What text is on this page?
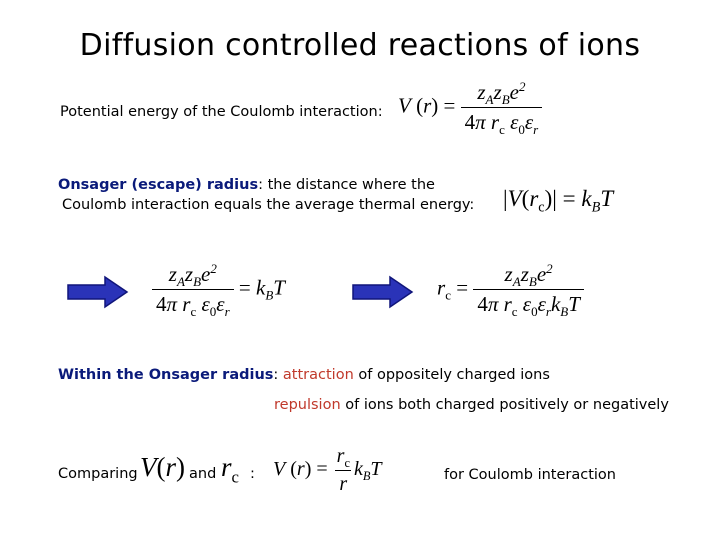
Diffusion controlled reactions of ions
Potential energy of the Coulomb interaction: V $(r) = \frac{z_Az_Be^2}{4\pi r_c \varepsilon_0\varepsilon_r}$
Onsager (escape) radius: the distance where the
Coulomb interaction equals the average thermal energy: $|V(r_c)| = k_BT$
$\frac{z_Az_Be^2}{4\pi r_c \varepsilon_0\varepsilon_r} = k_BT$	$r_c = \frac{z_Az_Be^2}{4\pi r_c \varepsilon_0\varepsilon_rk_BT}$
Within the Onsager radius: attraction of oppositely charged ions
repulsion of ions both charged positively or negatively
Comparing V(r) and $r_c$ : V $(r) = \frac{r_c}{r} k_BT$	for Coulomb interaction
